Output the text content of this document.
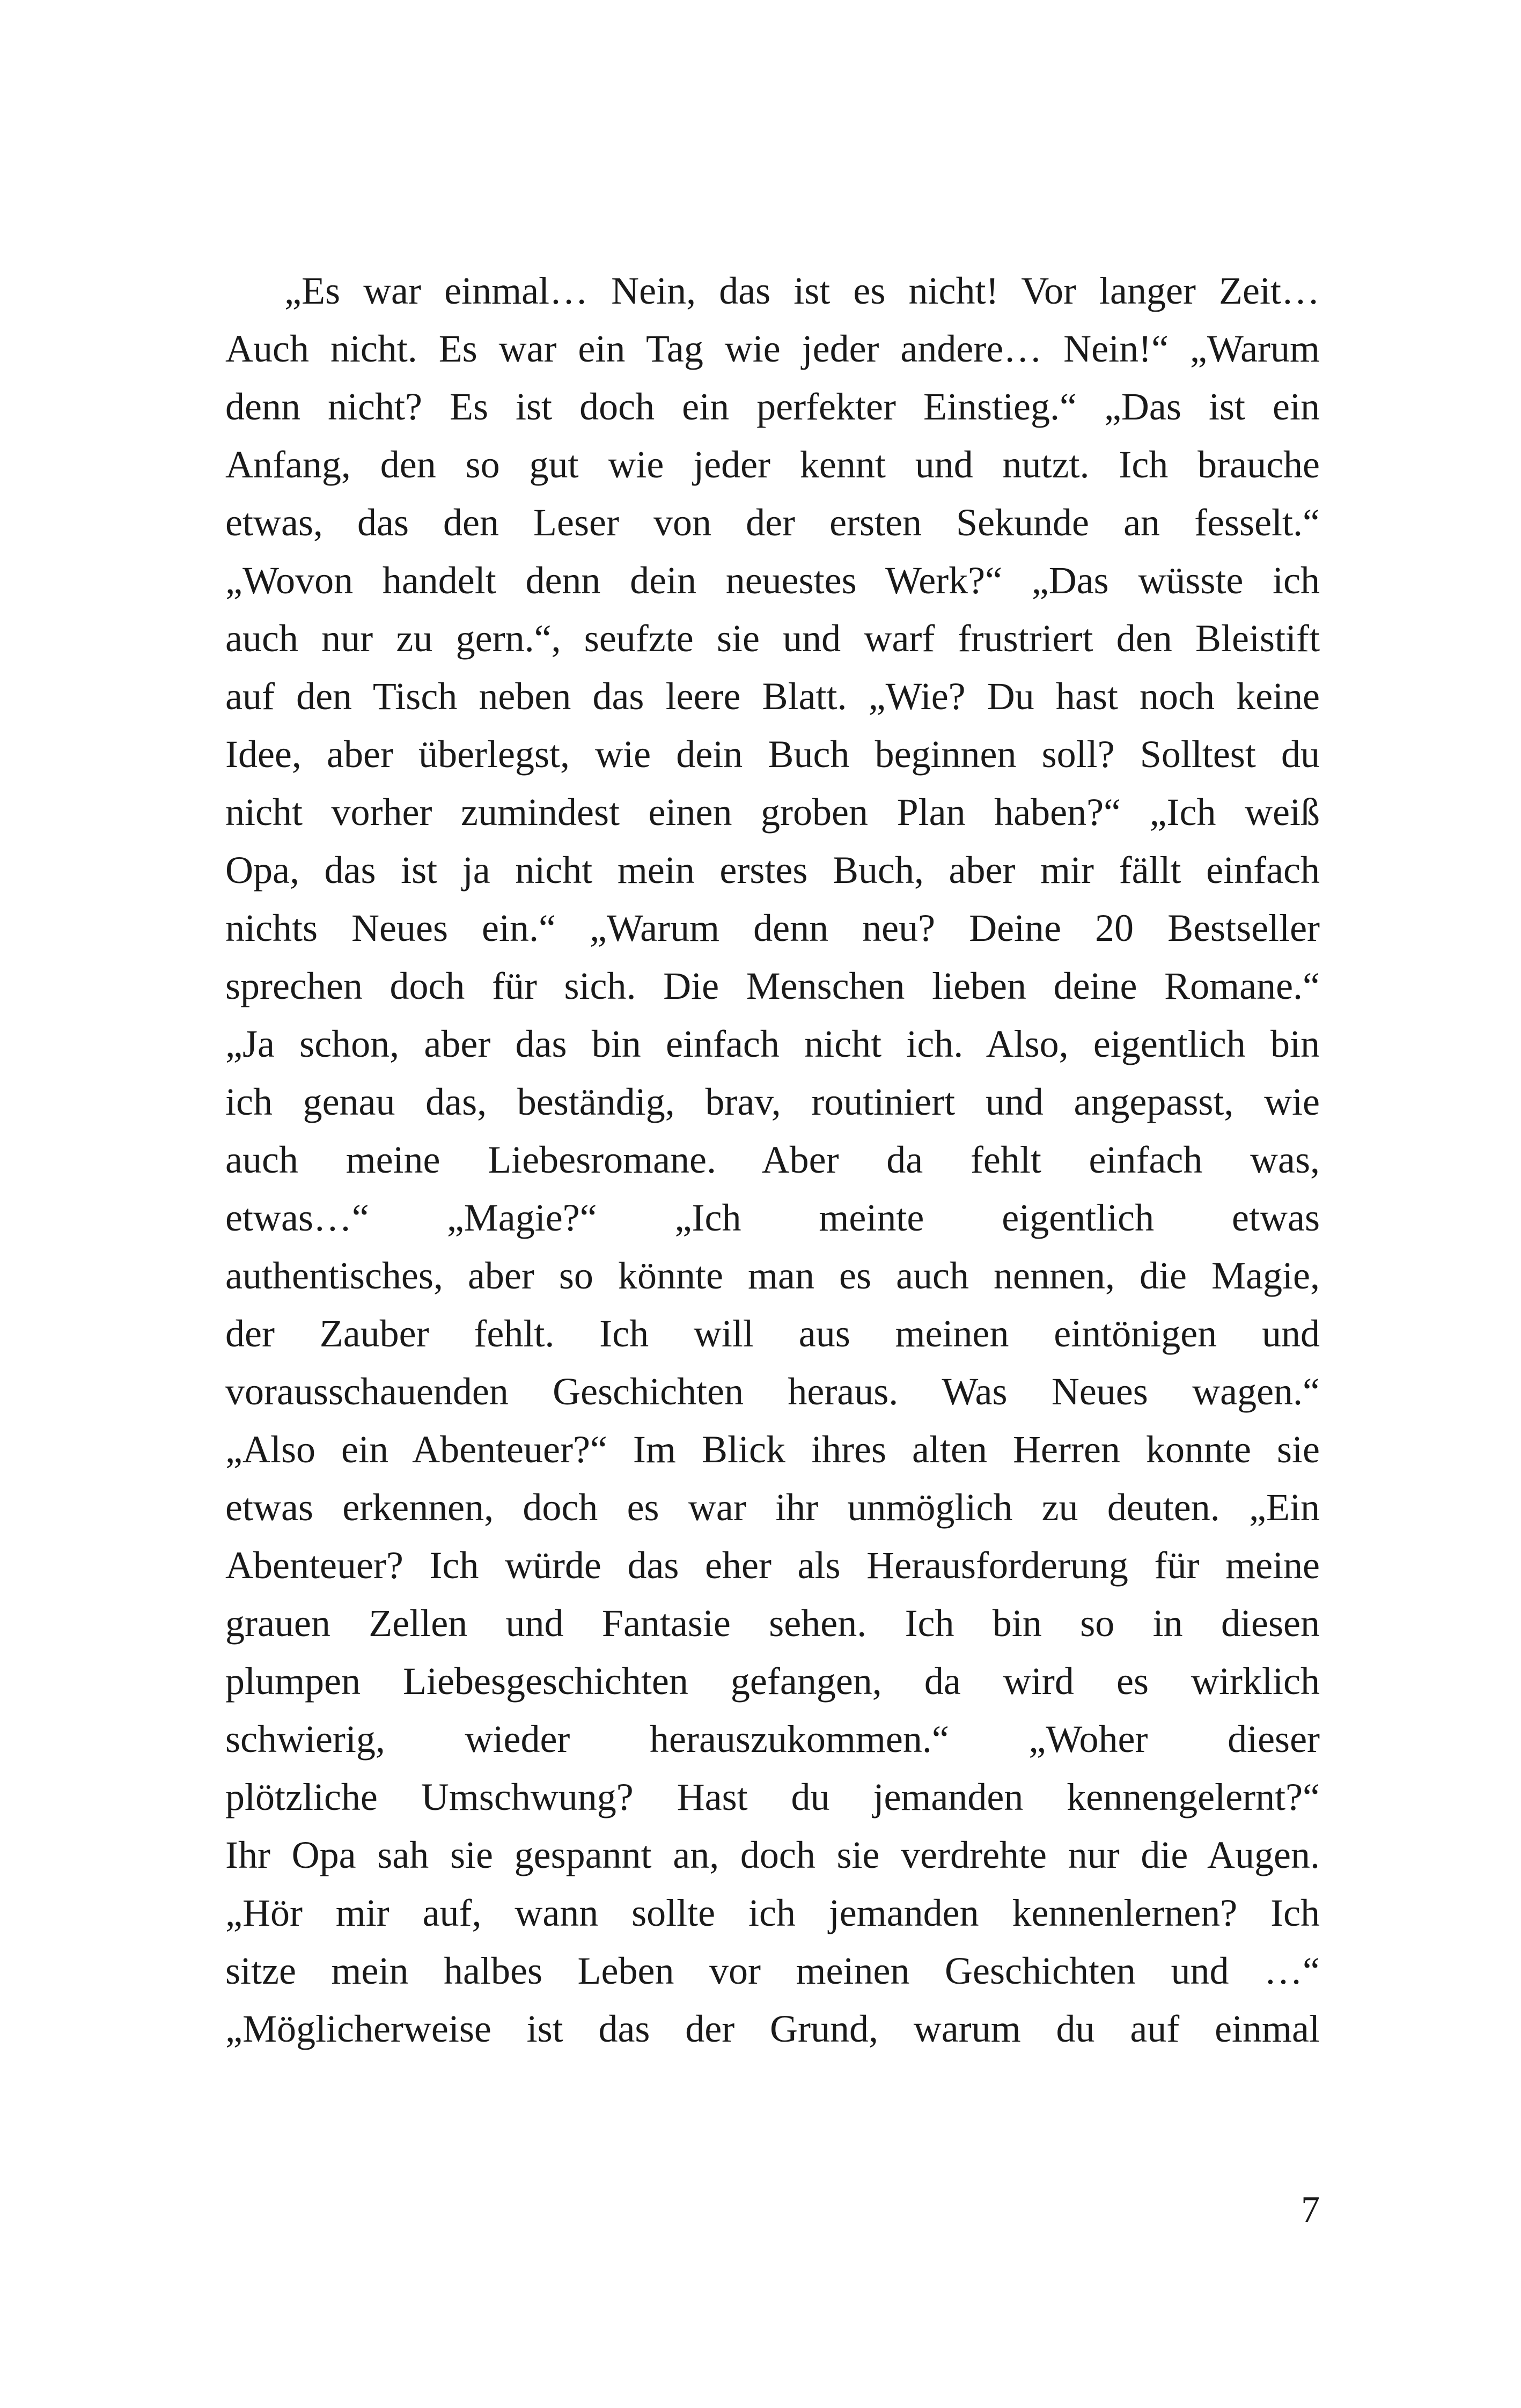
„Es war einmal… Nein, das ist es nicht! Vor langer Zeit…
Auch nicht. Es war ein Tag wie jeder andere… Nein!“ „Warum
denn nicht? Es ist doch ein perfekter Einstieg.“ „Das ist ein
Anfang, den so gut wie jeder kennt und nutzt. Ich brauche
etwas, das den Leser von der ersten Sekunde an fesselt.“
„Wovon handelt denn dein neuestes Werk?“ „Das wüsste ich
auch nur zu gern.“, seufzte sie und warf frustriert den Bleistift
auf den Tisch neben das leere Blatt. „Wie? Du hast noch keine
Idee, aber überlegst, wie dein Buch beginnen soll? Solltest du
nicht vorher zumindest einen groben Plan haben?“ „Ich weiß
Opa, das ist ja nicht mein erstes Buch, aber mir fällt einfach
nichts Neues ein.“ „Warum denn neu? Deine 20 Bestseller
sprechen doch für sich. Die Menschen lieben deine Romane.“
„Ja schon, aber das bin einfach nicht ich. Also, eigentlich bin
ich genau das, beständig, brav, routiniert und angepasst, wie
auch meine Liebesromane. Aber da fehlt einfach was,
etwas…“ „Magie?“ „Ich meinte eigentlich etwas
authentisches, aber so könnte man es auch nennen, die Magie,
der Zauber fehlt. Ich will aus meinen eintönigen und
vorausschauenden Geschichten heraus. Was Neues wagen.“
„Also ein Abenteuer?“ Im Blick ihres alten Herren konnte sie
etwas erkennen, doch es war ihr unmöglich zu deuten. „Ein
Abenteuer? Ich würde das eher als Herausforderung für meine
grauen Zellen und Fantasie sehen. Ich bin so in diesen
plumpen Liebesgeschichten gefangen, da wird es wirklich
schwierig, wieder herauszukommen.“ „Woher dieser
plötzliche Umschwung? Hast du jemanden kennengelernt?“
Ihr Opa sah sie gespannt an, doch sie verdrehte nur die Augen.
„Hör mir auf, wann sollte ich jemanden kennenlernen? Ich
sitze mein halbes Leben vor meinen Geschichten und …“
„Möglicherweise ist das der Grund, warum du auf einmal
7
